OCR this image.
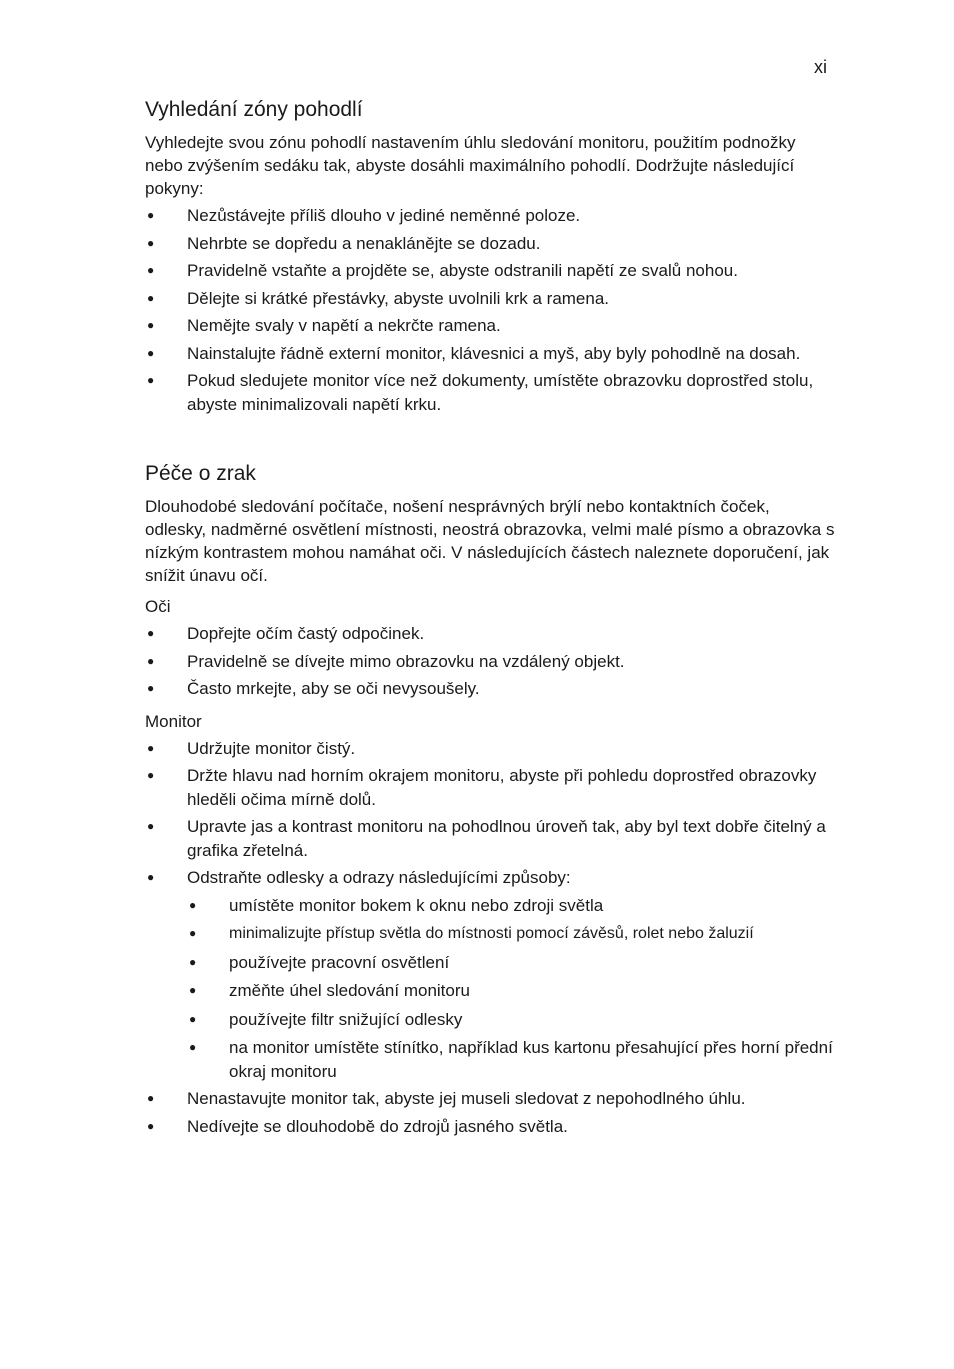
xi
Vyhledání zóny pohodlí

Vyhledejte svou zónu pohodlí nastavením úhlu sledování monitoru, použitím podnožky nebo zvýšením sedáku tak, abyste dosáhli maximálního pohodlí. Dodržujte následující pokyny:

● Nezůstávejte příliš dlouho v jediné neměnné poloze.
● Nehrbte se dopředu a nenaklánějte se dozadu.
● Pravidelně vstaňte a projděte se, abyste odstranili napětí ze svalů nohou.
● Dělejte si krátké přestávky, abyste uvolnili krk a ramena.
● Nemějte svaly v napětí a nekrčte ramena.
● Nainstalujte řádně externí monitor, klávesnici a myš, aby byly pohodlně na dosah.
● Pokud sledujete monitor více než dokumenty, umístěte obrazovku doprostřed stolu, abyste minimalizovali napětí krku.
Péče o zrak

Dlouhodobé sledování počítače, nošení nesprávných brýlí nebo kontaktních čoček, odlesky, nadměrné osvětlení místnosti, neostrá obrazovka, velmi malé písmo a obrazovka s nízkým kontrastem mohou namáhat oči. V následujících částech naleznete doporučení, jak snížit únavu očí.

Oči

● Dopřejte očím častý odpočinek.
● Pravidelně se dívejte mimo obrazovku na vzdálený objekt.
● Často mrkejte, aby se oči nevysoušely.

Monitor

● Udržujte monitor čistý.
● Držte hlavu nad horním okrajem monitoru, abyste při pohledu doprostřed obrazovky hleděli očima mírně dolů.
● Upravte jas a kontrast monitoru na pohodlnou úroveň tak, aby byl text dobře čitelný a grafika zřetelná.
● Odstraňte odlesky a odrazy následujícími způsoby:
● umístěte monitor bokem k oknu nebo zdroji světla
● minimalizujte přístup světla do místnosti pomocí závěsů, rolet nebo žaluzií
● používejte pracovní osvětlení
● změňte úhel sledování monitoru
● používejte filtr snižující odlesky
● na monitor umístěte stínítko, například kus kartonu přesahující přes horní přední okraj monitoru
● Nenastavujte monitor tak, abyste jej museli sledovat z nepohodlného úhlu.
● Nedívejte se dlouhodobě do zdrojů jasného světla.
